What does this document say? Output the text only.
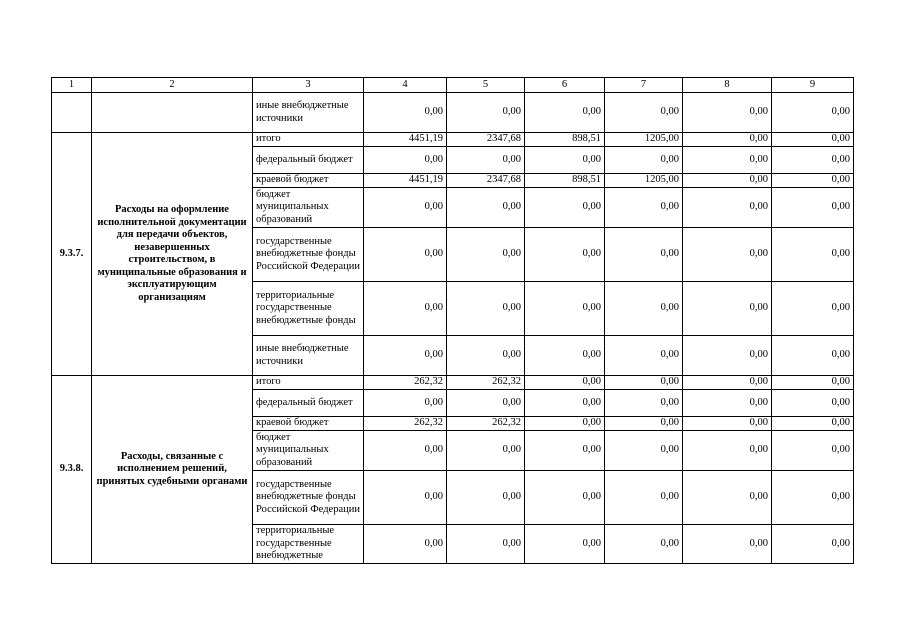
1	2	3	4	5	6	7	8	9
		иные внебюджетные источники	0,00	0,00	0,00	0,00	0,00	0,00
9.3.7.	Расходы на оформление исполнительной документации для передачи объектов, незавершенных строительством, в муниципальные образования и эксплуатирующим организациям	итого	4451,19	2347,68	898,51	1205,00	0,00	0,00
		федеральный бюджет	0,00	0,00	0,00	0,00	0,00	0,00
		краевой бюджет	4451,19	2347,68	898,51	1205,00	0,00	0,00
		бюджет муниципальных образований	0,00	0,00	0,00	0,00	0,00	0,00
		государственные внебюджетные фонды Российской Федерации	0,00	0,00	0,00	0,00	0,00	0,00
		территориальные государственные внебюджетные фонды	0,00	0,00	0,00	0,00	0,00	0,00
		иные внебюджетные источники	0,00	0,00	0,00	0,00	0,00	0,00
9.3.8.	Расходы, связанные с исполнением решений, принятых судебными органами	итого	262,32	262,32	0,00	0,00	0,00	0,00
		федеральный бюджет	0,00	0,00	0,00	0,00	0,00	0,00
		краевой бюджет	262,32	262,32	0,00	0,00	0,00	0,00
		бюджет муниципальных образований	0,00	0,00	0,00	0,00	0,00	0,00
		государственные внебюджетные фонды Российской Федерации	0,00	0,00	0,00	0,00	0,00	0,00
		территориальные государственные внебюджетные	0,00	0,00	0,00	0,00	0,00	0,00
